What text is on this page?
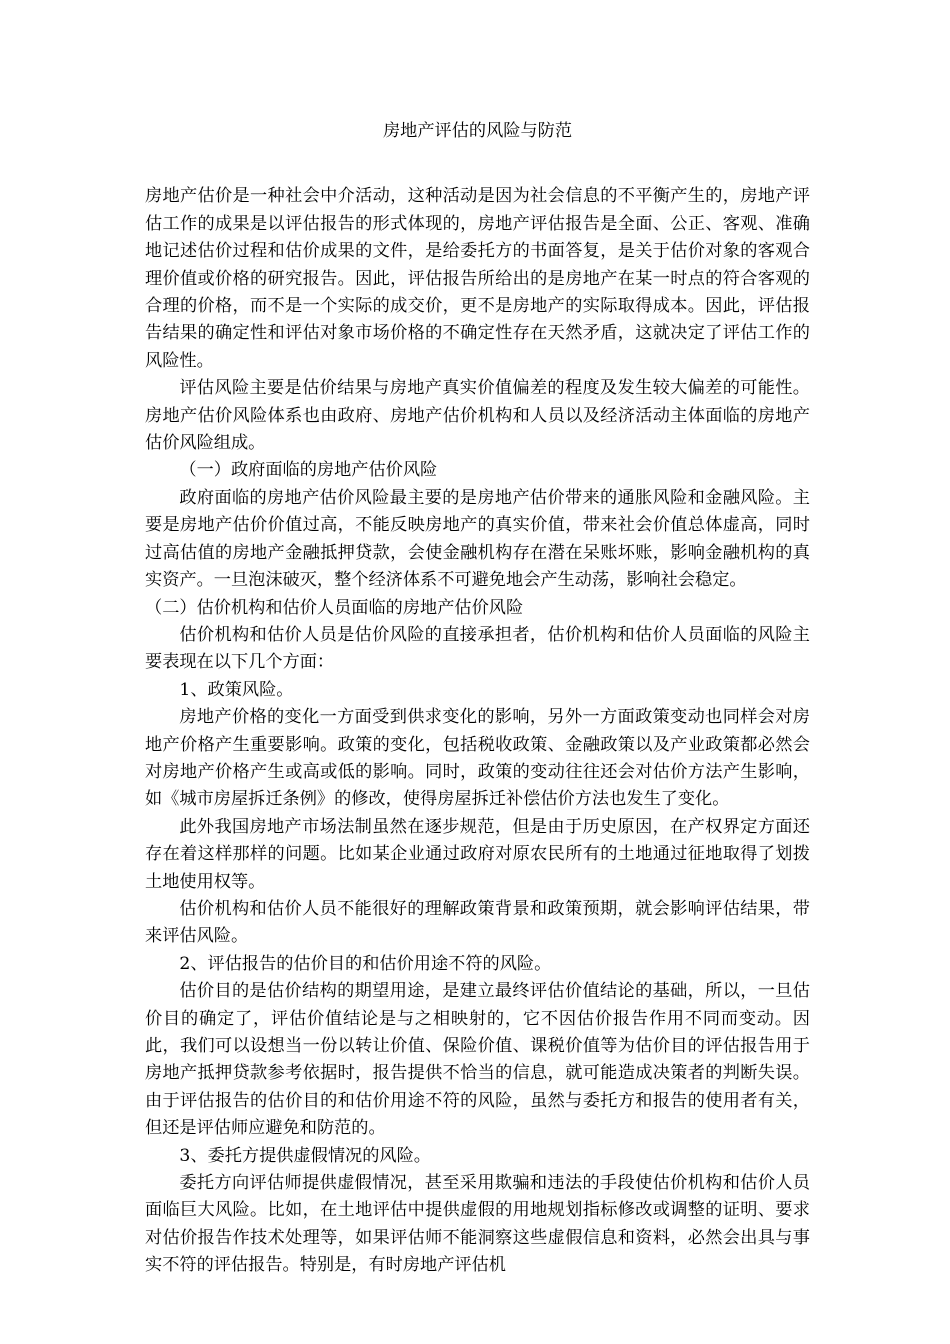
房地产评估的风险与防范

房地产估价是一种社会中介活动，这种活动是因为社会信息的不平衡产生的，房地产评估工作的成果是以评估报告的形式体现的，房地产评估报告是全面、公正、客观、准确地记述估价过程和估价成果的文件，是给委托方的书面答复，是关于估价对象的客观合理价值或价格的研究报告。因此，评估报告所给出的是房地产在某一时点的符合客观的合理的价格，而不是一个实际的成交价，更不是房地产的实际取得成本。因此，评估报告结果的确定性和评估对象市场价格的不确定性存在天然矛盾，这就决定了评估工作的风险性。

评估风险主要是估价结果与房地产真实价值偏差的程度及发生较大偏差的可能性。房地产估价风险体系也由政府、房地产估价机构和人员以及经济活动主体面临的房地产估价风险组成。

（一）政府面临的房地产估价风险

政府面临的房地产估价风险最主要的是房地产估价带来的通胀风险和金融风险。主要是房地产估价价值过高，不能反映房地产的真实价值，带来社会价值总体虚高，同时过高估值的房地产金融抵押贷款，会使金融机构存在潜在呆账坏账，影响金融机构的真实资产。一旦泡沫破灭，整个经济体系不可避免地会产生动荡，影响社会稳定。

（二）估价机构和估价人员面临的房地产估价风险

估价机构和估价人员是估价风险的直接承担者，估价机构和估价人员面临的风险主要表现在以下几个方面：

1、政策风险。

房地产价格的变化一方面受到供求变化的影响，另外一方面政策变动也同样会对房地产价格产生重要影响。政策的变化，包括税收政策、金融政策以及产业政策都必然会对房地产价格产生或高或低的影响。同时，政策的变动往往还会对估价方法产生影响，如《城市房屋拆迁条例》的修改，使得房屋拆迁补偿估价方法也发生了变化。

此外我国房地产市场法制虽然在逐步规范，但是由于历史原因，在产权界定方面还存在着这样那样的问题。比如某企业通过政府对原农民所有的土地通过征地取得了划拨土地使用权等。

估价机构和估价人员不能很好的理解政策背景和政策预期，就会影响评估结果，带来评估风险。

2、评估报告的估价目的和估价用途不符的风险。

估价目的是估价结构的期望用途，是建立最终评估价值结论的基础，所以，一旦估价目的确定了，评估价值结论是与之相映射的，它不因估价报告作用不同而变动。因此，我们可以设想当一份以转让价值、保险价值、课税价值等为估价目的评估报告用于房地产抵押贷款参考依据时，报告提供不恰当的信息，就可能造成决策者的判断失误。由于评估报告的估价目的和估价用途不符的风险，虽然与委托方和报告的使用者有关，但还是评估师应避免和防范的。

3、委托方提供虚假情况的风险。

委托方向评估师提供虚假情况，甚至采用欺骗和违法的手段使估价机构和估价人员面临巨大风险。比如，在土地评估中提供虚假的用地规划指标修改或调整的证明、要求对估价报告作技术处理等，如果评估师不能洞察这些虚假信息和资料，必然会出具与事实不符的评估报告。特别是，有时房地产评估机
